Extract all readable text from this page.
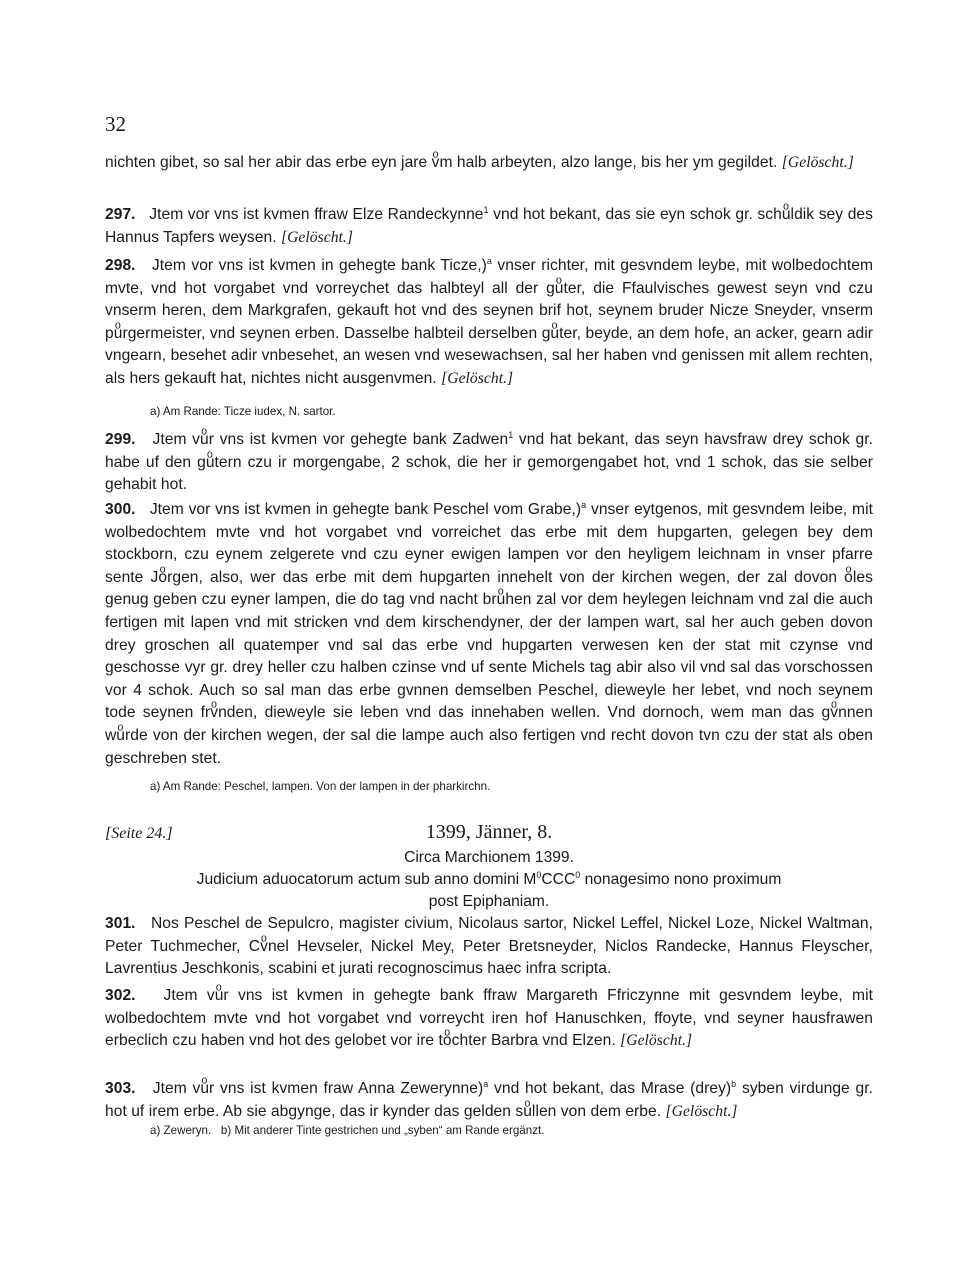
32
nichten gibet, so sal her abir das erbe eyn jare vͦm halb arbeyten, alzo lange, bis her ym gegildet. [Gelöscht.]
297. Jtem vor vns ist kvmen ffraw Elze Randeckynne$^1$ vnd hot bekant, das sie eyn schok gr. schuͦldik sey des Hannus Tapfers weysen. [Gelöscht.]
298. Jtem vor vns ist kvmen in gehegte bank Ticze,)$^a$ vnser richter, mit gesvndem leybe, mit wolbedochtem mvte, vnd hot vorgabet vnd vorreychet das halbteyl all der guͦter, die Ffaulvisches gewest seyn vnd czu vnserm heren, dem Markgrafen, gekauft hot vnd des seynen brif hot, seynem bruder Nicze Sneyder, vnserm puͦrgermeister, vnd seynen erben. Dasselbe halbteil derselben guͦter, beyde, an dem hofe, an acker, gearn adir vngearn, besehet adir vnbesehet, an wesen vnd wesewachsen, sal her haben vnd genissen mit allem rechten, als hers gekauft hat, nichtes nicht ausgenvmen. [Gelöscht.]
a) Am Rande: Ticze iudex, N. sartor.
299. Jtem vuͦr vns ist kvmen vor gehegte bank Zadwen$^1$ vnd hat bekant, das seyn havsfraw drey schok gr. habe uf den guͦtern czu ir morgengabe, 2 schok, die her ir gemorgengabet hot, vnd 1 schok, das sie selber gehabit hot.
300. Jtem vor vns ist kvmen in gehegte bank Peschel vom Grabe,)$^a$ vnser eytgenos, mit gesvndem leibe, mit wolbedochtem mvte vnd hot vorgabet vnd vorreichet das erbe mit dem hupgarten, gelegen bey dem stockborn, czu eynem zelgerete vnd czu eyner ewigen lampen vor den heyligem leichnam in vnser pfarre sente Joͦrgen, also, wer das erbe mit dem hupgarten innehelt von der kirchen wegen, der zal dovon oͦles genug geben czu eyner lampen, die do tag vnd nacht bruͦhen zal vor dem heylegen leichnam vnd zal die auch fertigen mit lapen vnd mit stricken vnd dem kirschendyner, der der lampen wart, sal her auch geben dovon drey groschen all quatemper vnd sal das erbe vnd hupgarten verwesen ken der stat mit czynse vnd geschosse vyr gr. drey heller czu halben czinse vnd uf sente Michels tag abir also vil vnd sal das vorschossen vor 4 schok. Auch so sal man das erbe gvnnen demselben Peschel, dieweyle her lebet, vnd noch seynem tode seynen frvͦnden, dieweyle sie leben vnd das innehaben wellen. Vnd dornoch, wem man das gvͦnnen wuͦrde von der kirchen wegen, der sal die lampe auch also fertigen vnd recht dovon tvn czu der stat als oben geschreben stet.
a) Am Rande: Peschel, lampen. Von der lampen in der pharkirchn.
[Seite 24.]	1399, Jänner, 8.
Circa Marchionem 1399.
Judicium aduocatorum actum sub anno domini $M^0CCC^0$ nonagesimo nono proximum
post Epiphaniam.
301. Nos Peschel de Sepulcro, magister civium, Nicolaus sartor, Nickel Leffel, Nickel Loze, Nickel Waltman, Peter Tuchmecher, Cvͦnel Hevseler, Nickel Mey, Peter Bretsneyder, Niclos Randecke, Hannus Fleyscher, Lavrentius Jeschkonis, scabini et jurati recognoscimus haec infra scripta.
302. Jtem vuͦr vns ist kvmen in gehegte bank ffraw Margareth Ffriczynne mit gesvndem leybe, mit wolbedochtem mvte vnd hot vorgabet vnd vorreycht iren hof Hanuschken, ffoyte, vnd seyner hausfrawen erbeclich czu haben vnd hot des gelobet vor ire toͦchter Barbra vnd Elzen. [Gelöscht.]
303. Jtem vuͦr vns ist kvmen fraw Anna Zewerynne)$^a$ vnd hot bekant, das Mrase (drey)$^b$ syben virdunge gr. hot uf irem erbe. Ab sie abgynge, das ir kynder das gelden suͦllen von dem erbe. [Gelöscht.]
a) Zeweryn. b) Mit anderer Tinte gestrichen und „syben“ am Rande ergänzt.
